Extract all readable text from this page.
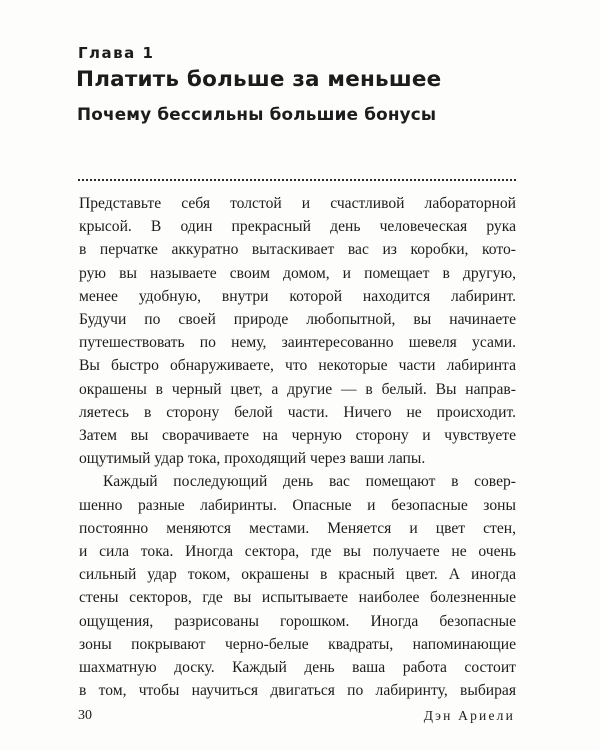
Глава 1
Платить больше за меньшее
Почему бессильны большие бонусы

Представьте себя толстой и счастливой лабораторной
крысой. В один прекрасный день человеческая рука
в перчатке аккуратно вытаскивает вас из коробки, кото-
рую вы называете своим домом, и помещает в другую,
менее удобную, внутри которой находится лабиринт.
Будучи по своей природе любопытной, вы начинаете
путешествовать по нему, заинтересованно шевеля усами.
Вы быстро обнаруживаете, что некоторые части лабиринта
окрашены в черный цвет, а другие — в белый. Вы направ-
ляетесь в сторону белой части. Ничего не происходит.
Затем вы сворачиваете на черную сторону и чувствуете
ощутимый удар тока, проходящий через ваши лапы.

Каждый последующий день вас помещают в совер-
шенно разные лабиринты. Опасные и безопасные зоны
постоянно меняются местами. Меняется и цвет стен,
и сила тока. Иногда сектора, где вы получаете не очень
сильный удар током, окрашены в красный цвет. А иногда
стены секторов, где вы испытываете наиболее болезненные
ощущения, разрисованы горошком. Иногда безопасные
зоны покрывают черно-белые квадраты, напоминающие
шахматную доску. Каждый день ваша работа состоит
в том, чтобы научиться двигаться по лабиринту, выбирая

30	Дэн Ариели
